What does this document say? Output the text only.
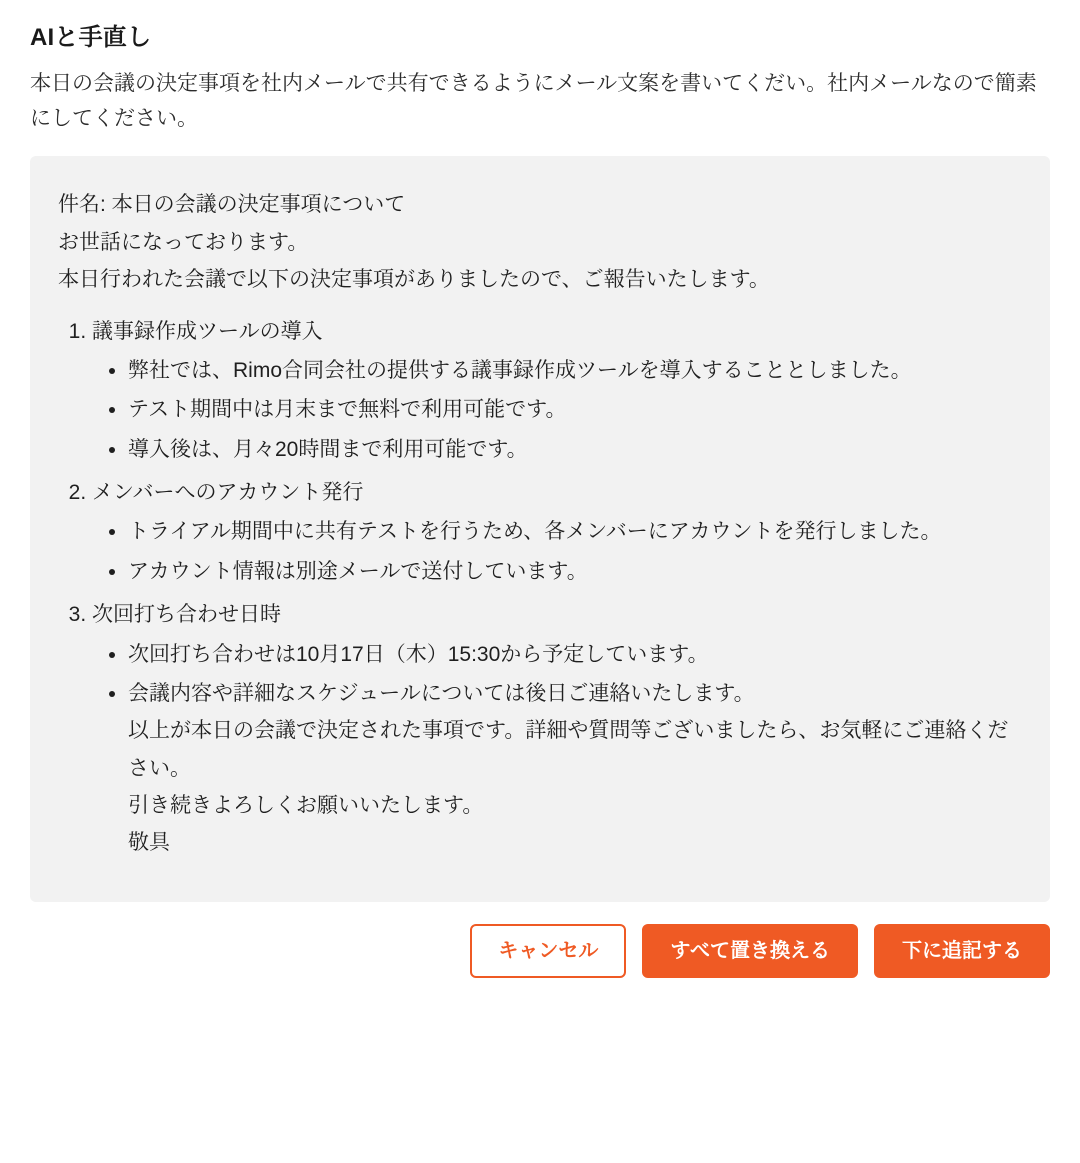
AIと手直し

本日の会議の決定事項を社内メールで共有できるようにメール文案を書いてくだい。社内メールなので簡素にしてください。

件名: 本日の会議の決定事項について

お世話になっております。

本日行われた会議で以下の決定事項がありましたので、ご報告いたします。

1. 議事録作成ツールの導入
• 弊社では、Rimo合同会社の提供する議事録作成ツールを導入することとしました。
• テスト期間中は月末まで無料で利用可能です。
• 導入後は、月々20時間まで利用可能です。
2. メンバーへのアカウント発行
• トライアル期間中に共有テストを行うため、各メンバーにアカウントを発行しました。
• アカウント情報は別途メールで送付しています。
3. 次回打ち合わせ日時
• 次回打ち合わせは10月17日（木）15:30から予定しています。
• 会議内容や詳細なスケジュールについては後日ご連絡いたします。
以上が本日の会議で決定された事項です。詳細や質問等ございましたら、お気軽にご連絡ください。
引き続きよろしくお願いいたします。
敬具
キャンセル	すべて置き換える	下に追記する
